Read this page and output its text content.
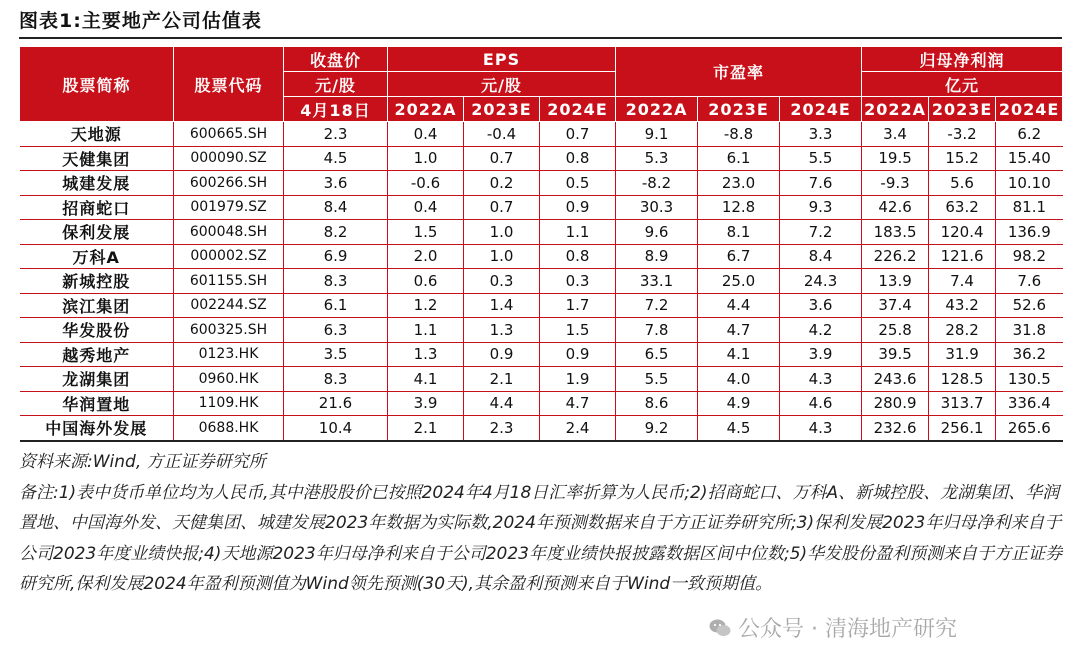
图表1:主要地产公司估值表
股票简称	股票代码	收盘价	EPS			市盈率			归母净利润		
		元/股	元/股						亿元		
		4月18日	2022A	2023E	2024E	2022A	2023E	2024E	2022A	2023E	2024E
天地源	600665.SH	2.3	0.4	-0.4	0.7	9.1	-8.8	3.3	3.4	-3.2	6.2
天健集团	000090.SZ	4.5	1.0	0.7	0.8	5.3	6.1	5.5	19.5	15.2	15.40
城建发展	600266.SH	3.6	-0.6	0.2	0.5	-8.2	23.0	7.6	-9.3	5.6	10.10
招商蛇口	001979.SZ	8.4	0.4	0.7	0.9	30.3	12.8	9.3	42.6	63.2	81.1
保利发展	600048.SH	8.2	1.5	1.0	1.1	9.6	8.1	7.2	183.5	120.4	136.9
万科A	000002.SZ	6.9	2.0	1.0	0.8	8.9	6.7	8.4	226.2	121.6	98.2
新城控股	601155.SH	8.3	0.6	0.3	0.3	33.1	25.0	24.3	13.9	7.4	7.6
滨江集团	002244.SZ	6.1	1.2	1.4	1.7	7.2	4.4	3.6	37.4	43.2	52.6
华发股份	600325.SH	6.3	1.1	1.3	1.5	7.8	4.7	4.2	25.8	28.2	31.8
越秀地产	0123.HK	3.5	1.3	0.9	0.9	6.5	4.1	3.9	39.5	31.9	36.2
龙湖集团	0960.HK	8.3	4.1	2.1	1.9	5.5	4.0	4.3	243.6	128.5	130.5
华润置地	1109.HK	21.6	3.9	4.4	4.7	8.6	4.9	4.6	280.9	313.7	336.4
中国海外发展	0688.HK	10.4	2.1	2.3	2.4	9.2	4.5	4.3	232.6	256.1	265.6
资料来源:Wind, 方正证券研究所
备注:1)表中货币单位均为人民币,其中港股股价已按照2024年4月18日汇率折算为人民币;2)招商蛇口、万科A、新城控股、龙湖集团、华润置地、中国海外发、天健集团、城建发展2023年数据为实际数,2024年预测数据来自于方正证券研究所;3)保利发展2023年归母净利来自于公司2023年度业绩快报;4)天地源2023年归母净利来自于公司2023年度业绩快报披露数据区间中位数;5)华发股份盈利预测来自于方正证券研究所,保利发展2024年盈利预测值为Wind领先预测(30天),其余盈利预测来自于Wind一致预期值。
公众号 · 清海地产研究
